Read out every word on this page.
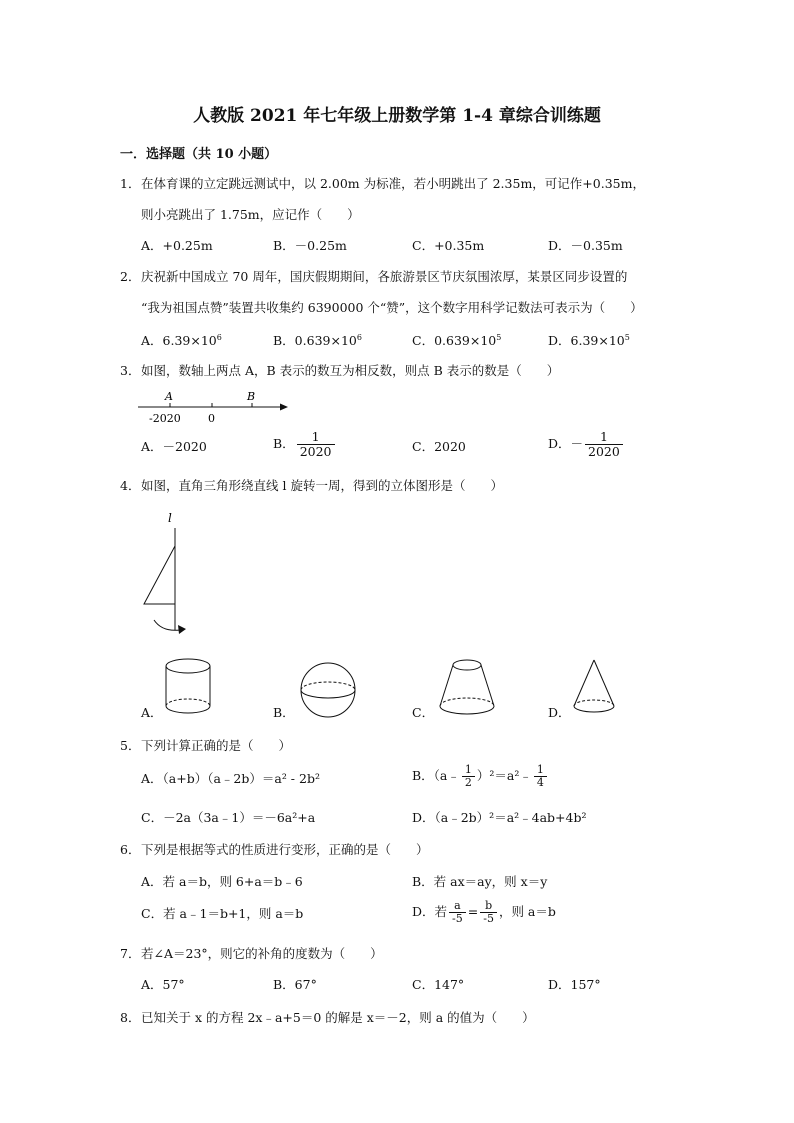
人教版 2021 年七年级上册数学第 1-4 章综合训练题
一．选择题（共 10 小题）
1． 在体育课的立定跳远测试中，以 2.00m 为标准，若小明跳出了 2.35m，可记作+0.35m，
则小亮跳出了 1.75m，应记作（　　）
A．+0.25m	B．－0.25m	C．+0.35m	D．－0.35m
2． 庆祝新中国成立 70 周年，国庆假期期间，各旅游景区节庆氛围浓厚，某景区同步设置的
“我为祖国点赞”装置共收集约 6390000 个“赞”，这个数字用科学记数法可表示为（　　）
A．$6.39\times 10^6$	B．$0.639\times 10^6$	C．$0.639\times 10^5$	D．$6.39\times 10^5$
3． 如图，数轴上两点 A，B 表示的数互为相反数，则点 B 表示的数是（　　）
A	B
-2020 0
A．－2020	B． $\frac{1}{2020}$	C．2020	D．－ $\frac{1}{2020}$
4． 如图，直角三角形绕直线 l 旋转一周，得到的立体图形是（　　）
l
A．	B．	C．	D．
5． 下列计算正确的是（　　）
A．（a+b）（a﹣2b）＝a² - 2b²	B．（a﹣ $\frac{1}{2}$ ）²＝a²﹣ $\frac{1}{4}$
C．－2a（3a﹣1）＝－6a²+a	D．（a﹣2b）²＝a²﹣4ab+4b²
6． 下列是根据等式的性质进行变形，正确的是（　　）
A．若 a＝b，则 6+a＝b﹣6	B．若 ax＝ay，则 x＝y
C．若 a﹣1＝b+1，则 a＝b	D．若 $\frac{a}{-5} = \frac{b}{-5}$ ，则 a＝b
7． 若∠A＝23°，则它的补角的度数为（　　）
A．57°	B．67°	C．147°	D．157°
8． 已知关于 x 的方程 2x﹣a+5＝0 的解是 x＝－2，则 a 的值为（　　）
